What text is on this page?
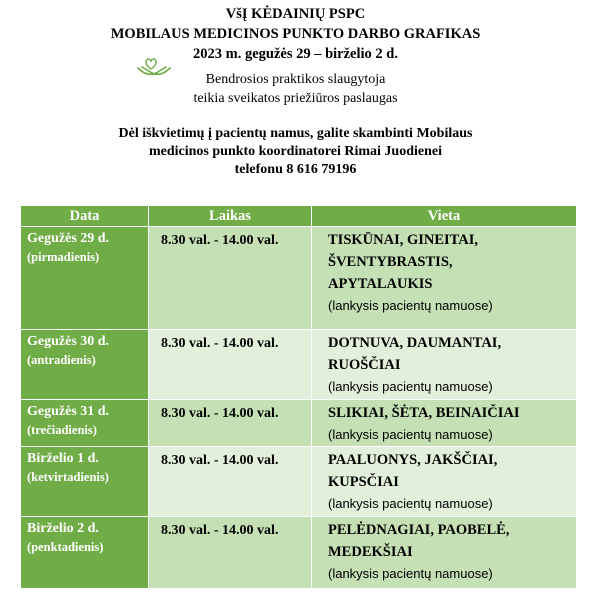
VšĮ KĖDAINIŲ PSPC
MOBILAUS MEDICINOS PUNKTO DARBO GRAFIKAS
2023 m. gegužės 29 – birželio 2 d.
Bendrosios praktikos slaugytoja
teikia sveikatos priežiūros paslaugas
Dėl iškvietimų į pacientų namus, galite skambinti Mobilaus
medicinos punkto koordinatorei Rimai Juodienei
telefonu 8 616 79196
Data	Laikas	Vieta

Gegužės 29 d.
(pirmadienis)	8.30 val. - 14.00 val.	TISKŪNAI, GINEITAI,
ŠVENTYBRASTIS,
APYTALAUKIS
(lankysis pacientų namuose)

Gegužės 30 d.
(antradienis)	8.30 val. - 14.00 val.	DOTNUVA, DAUMANTAI,
RUOŠČIAI
(lankysis pacientų namuose)

Gegužės 31 d.
(trečiadienis)	8.30 val. - 14.00 val.	SLIKIAI, ŠĖTA, BEINAIČIAI
(lankysis pacientų namuose)

Birželio 1 d.
(ketvirtadienis)	8.30 val. - 14.00 val.	PAALUONYS, JAKŠČIAI,
KUPSČIAI
(lankysis pacientų namuose)

Birželio 2 d.
(penktadienis)	8.30 val. - 14.00 val.	PELĖDNAGIAI, PAOBELĖ,
MEDEKŠIAI
(lankysis pacientų namuose)
